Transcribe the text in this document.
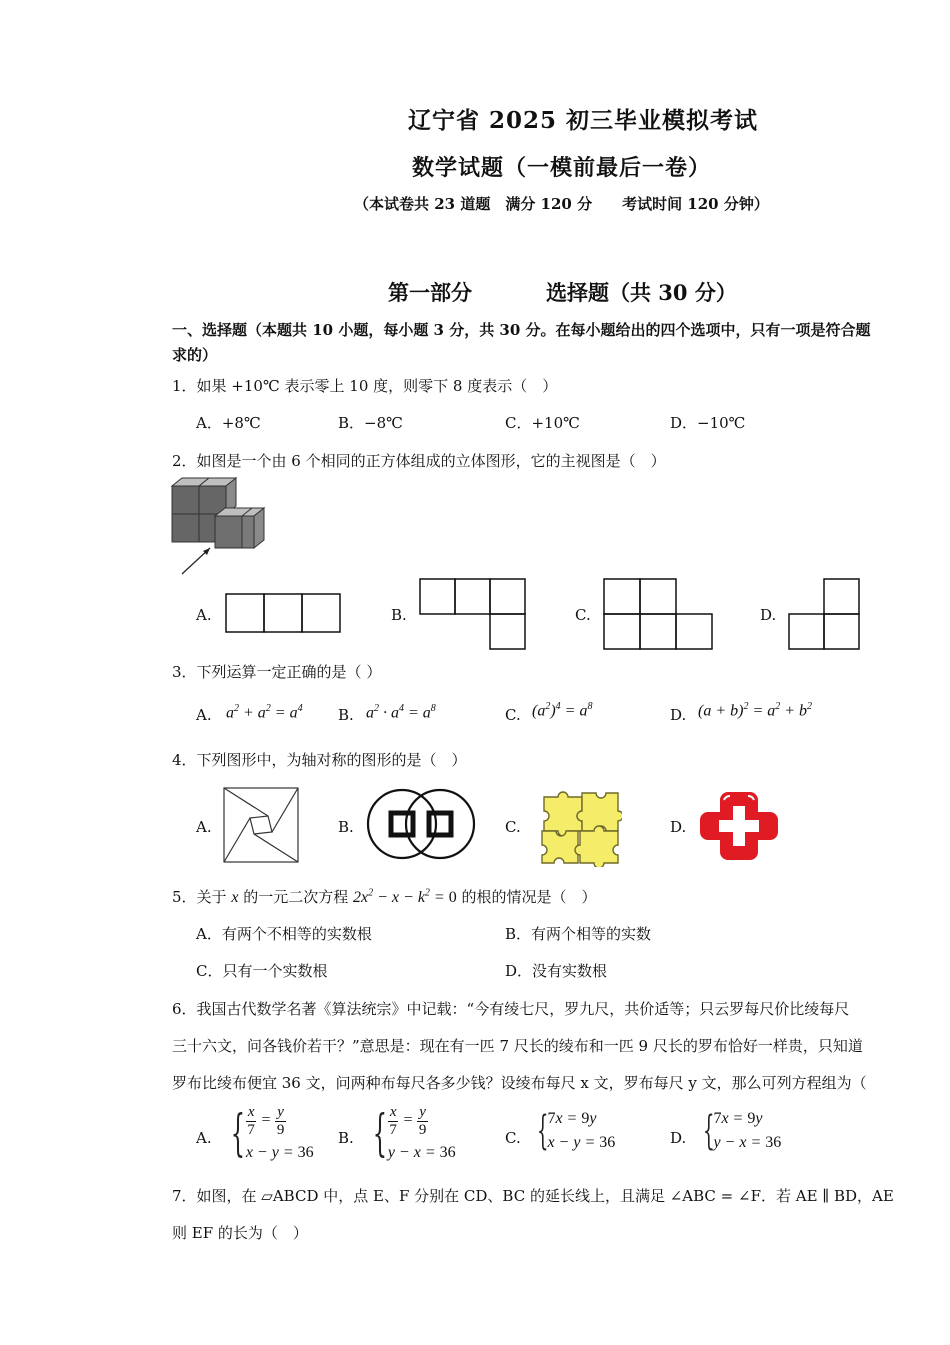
辽宁省 2025 初三毕业模拟考试
数学试题（一模前最后一卷）
（本试卷共 23 道题　满分 120 分　　考试时间 120 分钟）
第一部分	选择题（共 30 分）
一、选择题（本题共 10 小题，每小题 3 分，共 30 分。在每小题给出的四个选项中，只有一项是符合题
求的）
1．如果 +10℃ 表示零上 10 度，则零下 8 度表示（　）
A．+8℃	B．−8℃	C．+10℃	D．−10℃
2．如图是一个由 6 个相同的正方体组成的立体图形，它的主视图是（　）
A.	B.	C.	D.
3．下列运算一定正确的是（ ）
A. $a^2 + a^2 = a^4$ B. $a^2 \cdot a^4 = a^8$	C. $(a^2)^4 = a^8$	D. $(a + b)^2 = a^2 + b^2$
4．下列图形中，为轴对称的图形的是（　）
A.	B.	C.	D.
5．关于 x 的一元二次方程 $2x^2 - x - k^2 = 0$ 的根的情况是（　）
A．有两个不相等的实数根	B．有两个相等的实数
C．只有一个实数根	D．没有实数根
6．我国古代数学名著《算法统宗》中记载：“今有绫七尺，罗九尺，共价适等；只云罗每尺价比绫每尺
三十六文，问各钱价若干？”意思是：现在有一匹 7 尺长的绫布和一匹 9 尺长的罗布恰好一样贵，只知道
罗布比绫布便宜 36 文，问两种布每尺各多少钱？设绫布每尺 x 文，罗布每尺 y 文，那么可列方程组为（
A. { $\frac{x}{7} = \frac{y}{9}$
x − y = 36
B. { $\frac{x}{7} = \frac{y}{9}$
y − x = 36
C. {
7x = 9y
x − y = 36	D. {
7x = 9y
y − x = 36
7．如图，在 ▱ABCD 中，点 E、F 分别在 CD、BC 的延长线上，且满足 ∠ABC = ∠F．若 AE ∥ BD，AE
则 EF 的长为（　）
